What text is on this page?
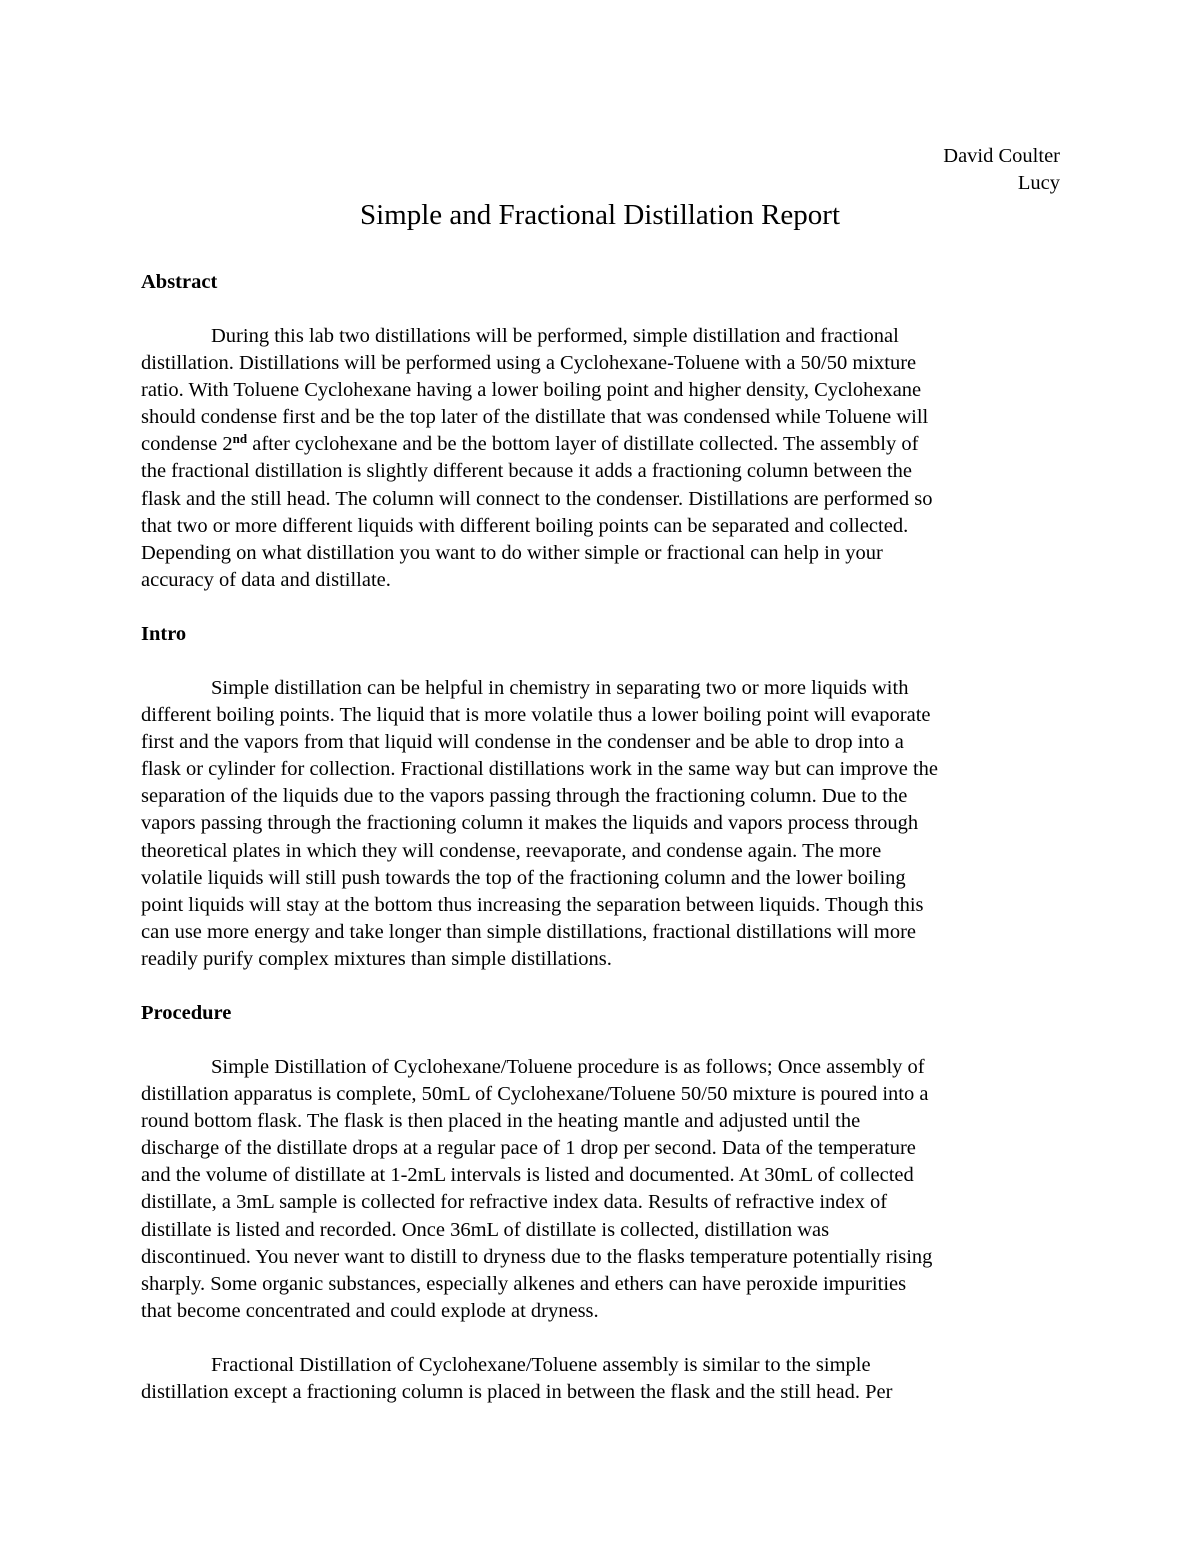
David Coulter
Lucy
Simple and Fractional Distillation Report
Abstract
During this lab two distillations will be performed, simple distillation and fractional
distillation. Distillations will be performed using a Cyclohexane-Toluene with a 50/50 mixture
ratio. With Toluene Cyclohexane having a lower boiling point and higher density, Cyclohexane
should condense first and be the top later of the distillate that was condensed while Toluene will
condense 2nd after cyclohexane and be the bottom layer of distillate collected. The assembly of
the fractional distillation is slightly different because it adds a fractioning column between the
flask and the still head. The column will connect to the condenser. Distillations are performed so
that two or more different liquids with different boiling points can be separated and collected.
Depending on what distillation you want to do wither simple or fractional can help in your
accuracy of data and distillate.
Intro
Simple distillation can be helpful in chemistry in separating two or more liquids with
different boiling points. The liquid that is more volatile thus a lower boiling point will evaporate
first and the vapors from that liquid will condense in the condenser and be able to drop into a
flask or cylinder for collection. Fractional distillations work in the same way but can improve the
separation of the liquids due to the vapors passing through the fractioning column. Due to the
vapors passing through the fractioning column it makes the liquids and vapors process through
theoretical plates in which they will condense, reevaporate, and condense again. The more
volatile liquids will still push towards the top of the fractioning column and the lower boiling
point liquids will stay at the bottom thus increasing the separation between liquids. Though this
can use more energy and take longer than simple distillations, fractional distillations will more
readily purify complex mixtures than simple distillations.
Procedure
Simple Distillation of Cyclohexane/Toluene procedure is as follows; Once assembly of
distillation apparatus is complete, 50mL of Cyclohexane/Toluene 50/50 mixture is poured into a
round bottom flask. The flask is then placed in the heating mantle and adjusted until the
discharge of the distillate drops at a regular pace of 1 drop per second. Data of the temperature
and the volume of distillate at 1-2mL intervals is listed and documented. At 30mL of collected
distillate, a 3mL sample is collected for refractive index data. Results of refractive index of
distillate is listed and recorded. Once 36mL of distillate is collected, distillation was
discontinued. You never want to distill to dryness due to the flasks temperature potentially rising
sharply. Some organic substances, especially alkenes and ethers can have peroxide impurities
that become concentrated and could explode at dryness.
Fractional Distillation of Cyclohexane/Toluene assembly is similar to the simple
distillation except a fractioning column is placed in between the flask and the still head. Per
